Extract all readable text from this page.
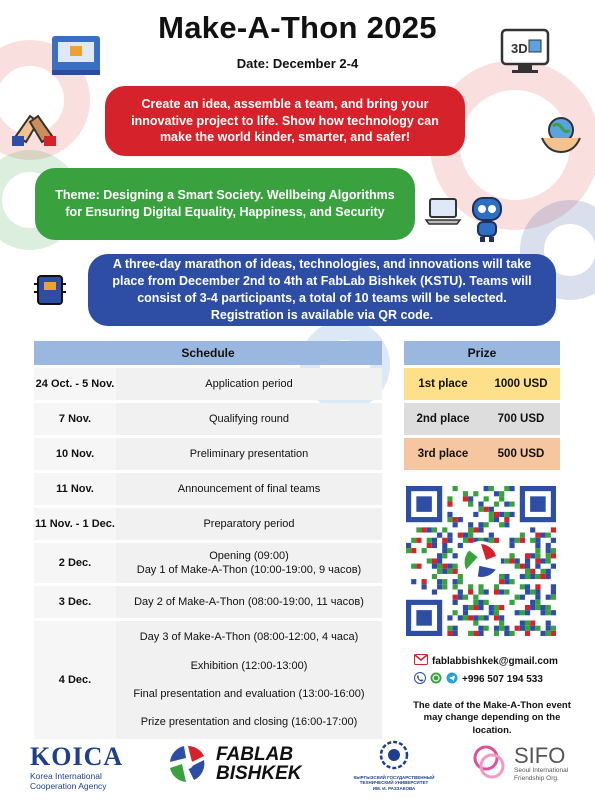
Make-A-Thon 2025
Date: December 2-4
3D
Create an idea, assemble a team, and bring your innovative project to life. Show how technology can make the world kinder, smarter, and safer!
Theme: Designing a Smart Society. Wellbeing Algorithms for Ensuring Digital Equality, Happiness, and Security
A three-day marathon of ideas, technologies, and innovations will take place from December 2nd to 4th at FabLab Bishkek (KSTU). Teams will consist of 3-4 participants, a total of 10 teams will be selected. Registration is available via QR code.
Schedule	
24 Oct. - 5 Nov.	Application period
7 Nov.	Qualifying round
10 Nov.	Preliminary presentation
11 Nov.	Announcement of final teams
11 Nov. - 1 Dec.	Preparatory period
2 Dec.	Opening (09:00)
Day 1 of Make-A-Thon (10:00-19:00, 9 часов)

3 Dec.	Day 2 of Make-A-Thon (08:00-19:00, 11 часов)
4 Dec.	Day 3 of Make-A-Thon (08:00-12:00, 4 часа)
Exhibition (12:00-13:00)
Final presentation and evaluation (13:00-16:00)
Prize presentation and closing (16:00-17:00)
Prize	
1st place	1000 USD
2nd place	700 USD
3rd place	500 USD
fablabbishkek@gmail.com
+996 507 194 533
The date of the Make-A-Thon event may change depending on the location.
KOICA
Korea International
Cooperation Agency
FABLAB
BISHKEK	КЫРГЫЗСКИЙ ГОСУДАРСТВЕННЫЙ
ТЕХНИЧЕСКИЙ УНИВЕРСИТЕТ
ИМ. И. РАЗЗАКОВА
SIFO
Seoul International
Friendship Org.
